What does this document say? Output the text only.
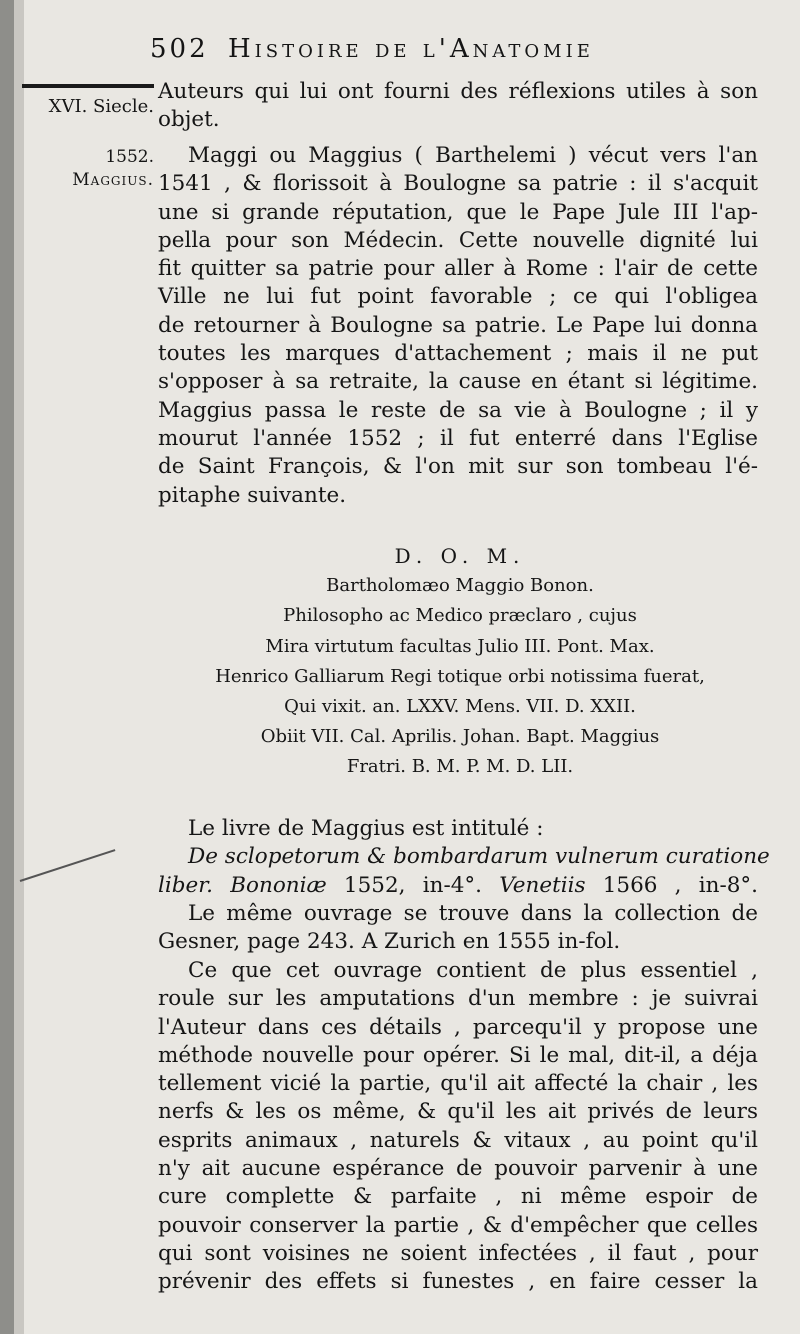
502 Histoire de l'Anatomie
XVI. Siecle.
1552.
Maggius.
Auteurs qui lui ont fourni des réflexions utiles à son
objet.
Maggi ou Maggius ( Barthelemi ) vécut vers l'an
1541 , & florissoit à Boulogne sa patrie : il s'acquit
une si grande réputation, que le Pape Jule III l'ap-
pella pour son Médecin. Cette nouvelle dignité lui
fit quitter sa patrie pour aller à Rome : l'air de cette
Ville ne lui fut point favorable ; ce qui l'obligea
de retourner à Boulogne sa patrie. Le Pape lui donna
toutes les marques d'attachement ; mais il ne put
s'opposer à sa retraite, la cause en étant si légitime.
Maggius passa le reste de sa vie à Boulogne ; il y
mourut l'année 1552 ; il fut enterré dans l'Eglise
de Saint François, & l'on mit sur son tombeau l'é-
pitaphe suivante.
D. O. M.
Bartholomæo Maggio Bonon.
Philosopho ac Medico præclaro , cujus
Mira virtutum facultas Julio III. Pont. Max.
Henrico Galliarum Regi totique orbi notissima fuerat,
Qui vixit. an. LXXV. Mens. VII. D. XXII.
Obiit VII. Cal. Aprilis. Johan. Bapt. Maggius
Fratri. B. M. P. M. D. LII.
Le livre de Maggius est intitulé :
De sclopetorum & bombardarum vulnerum curatione
liber. Bononiæ 1552, in-4°. Venetiis 1566 , in-8°.
Le même ouvrage se trouve dans la collection de
Gesner, page 243. A Zurich en 1555 in-fol.
Ce que cet ouvrage contient de plus essentiel ,
roule sur les amputations d'un membre : je suivrai
l'Auteur dans ces détails , parcequ'il y propose une
méthode nouvelle pour opérer. Si le mal, dit-il, a déja
tellement vicié la partie, qu'il ait affecté la chair , les
nerfs & les os même, & qu'il les ait privés de leurs
esprits animaux , naturels & vitaux , au point qu'il
n'y ait aucune espérance de pouvoir parvenir à une
cure complette & parfaite , ni même espoir de
pouvoir conserver la partie , & d'empêcher que celles
qui sont voisines ne soient infectées , il faut , pour
prévenir des effets si funestes , en faire cesser la
